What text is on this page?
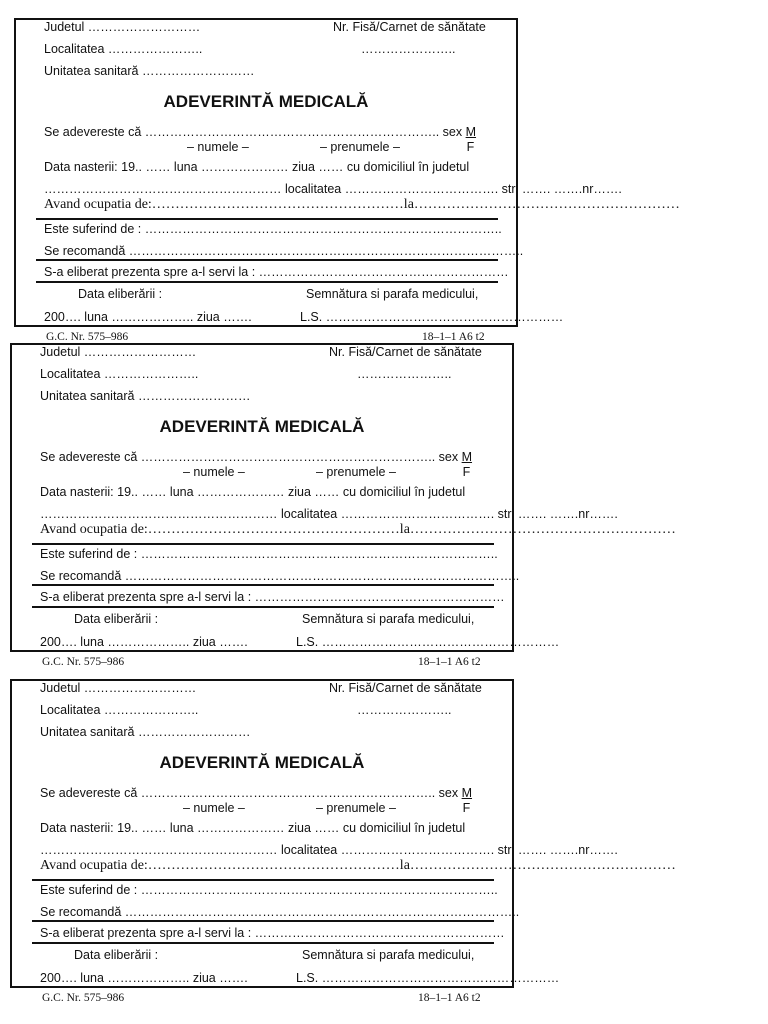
Judetul ………………………	Nr. Fisă/Carnet de sănătate
Localitatea …………………..	…………………..
Unitatea sanitară ………………………
ADEVERINTĂ MEDICALĂ
Se adevereste că …………………………………………………………….. sex $\frac{M}{F}$
– numele –	– prenumele –
Data nasterii: 19.. …… luna ………………… ziua …… cu domiciliul în judetul
………………………………………………… localitatea ………………………………. str. ……. …….nr…….
Avand ocupatia de:………………………………………………la…………………………………………………
Este suferind de : …………………………………………………………………………..
Se recomandă …………………………………………………………………………………..
S-a eliberat prezenta spre a-l servi la : ……………………………………………………
Data eliberării :	Semnătura si parafa medicului,
200…. luna ……………….. ziua …….	L.S. …………………………………………………
G.C. Nr. 575–986	18–1–1 A6 t2
Judetul ………………………	Nr. Fisă/Carnet de sănătate
Localitatea …………………..	…………………..
Unitatea sanitară ………………………
ADEVERINTĂ MEDICALĂ
Se adevereste că …………………………………………………………….. sex $\frac{M}{F}$
– numele –	– prenumele –
Data nasterii: 19.. …… luna ………………… ziua …… cu domiciliul în judetul
………………………………………………… localitatea ………………………………. str. ……. …….nr…….
Avand ocupatia de:………………………………………………la…………………………………………………
Este suferind de : …………………………………………………………………………..
Se recomandă …………………………………………………………………………………..
S-a eliberat prezenta spre a-l servi la : ……………………………………………………
Data eliberării :	Semnătura si parafa medicului,
200…. luna ……………….. ziua …….	L.S. …………………………………………………
G.C. Nr. 575–986	18–1–1 A6 t2
Judetul ………………………	Nr. Fisă/Carnet de sănătate
Localitatea …………………..	…………………..
Unitatea sanitară ………………………
ADEVERINTĂ MEDICALĂ
Se adevereste că …………………………………………………………….. sex $\frac{M}{F}$
– numele –	– prenumele –
Data nasterii: 19.. …… luna ………………… ziua …… cu domiciliul în judetul
………………………………………………… localitatea ………………………………. str. ……. …….nr…….
Avand ocupatia de:………………………………………………la…………………………………………………
Este suferind de : …………………………………………………………………………..
Se recomandă …………………………………………………………………………………..
S-a eliberat prezenta spre a-l servi la : ……………………………………………………
Data eliberării :	Semnătura si parafa medicului,
200…. luna ……………….. ziua …….	L.S. …………………………………………………
G.C. Nr. 575–986	18–1–1 A6 t2
